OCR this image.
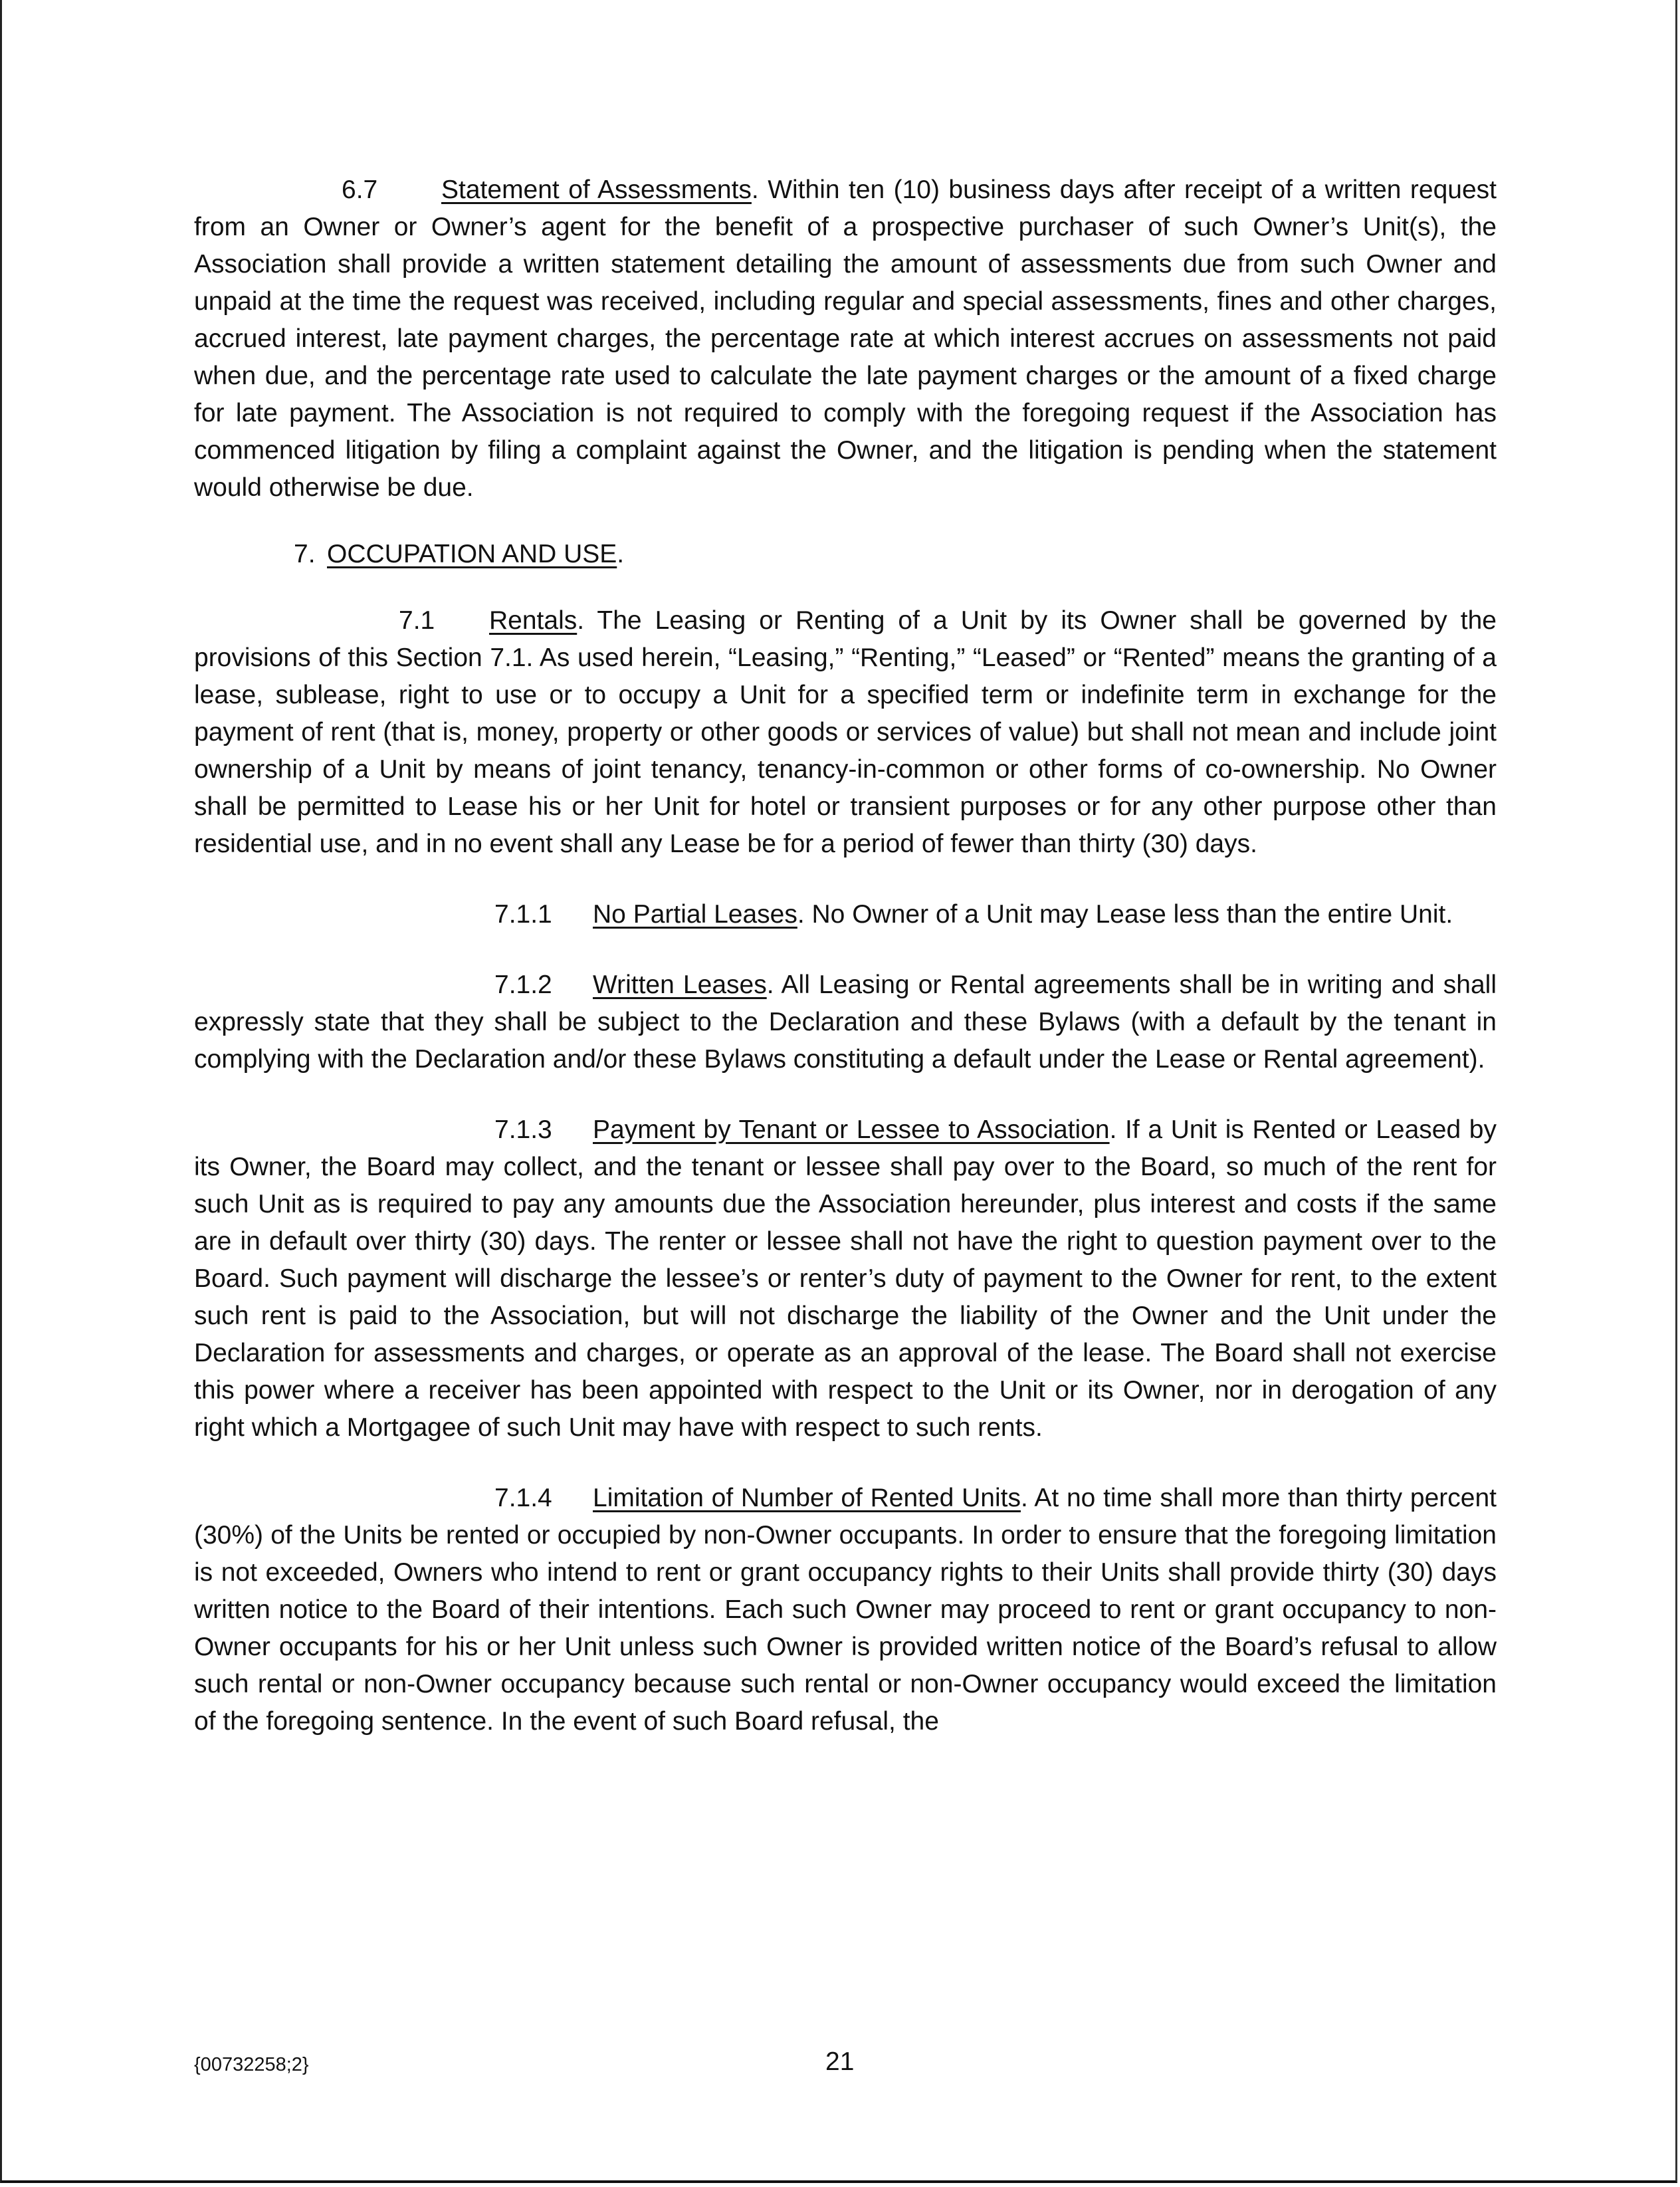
6.7 Statement of Assessments. Within ten (10) business days after receipt of a written request from an Owner or Owner’s agent for the benefit of a prospective purchaser of such Owner’s Unit(s), the Association shall provide a written statement detailing the amount of assessments due from such Owner and unpaid at the time the request was received, including regular and special assessments, fines and other charges, accrued interest, late payment charges, the percentage rate at which interest accrues on assessments not paid when due, and the percentage rate used to calculate the late payment charges or the amount of a fixed charge for late payment. The Association is not required to comply with the foregoing request if the Association has commenced litigation by filing a complaint against the Owner, and the litigation is pending when the statement would otherwise be due.

7. OCCUPATION AND USE.

7.1 Rentals. The Leasing or Renting of a Unit by its Owner shall be governed by the provisions of this Section 7.1. As used herein, “Leasing,” “Renting,” “Leased” or “Rented” means the granting of a lease, sublease, right to use or to occupy a Unit for a specified term or indefinite term in exchange for the payment of rent (that is, money, property or other goods or services of value) but shall not mean and include joint ownership of a Unit by means of joint tenancy, tenancy-in-common or other forms of co-ownership. No Owner shall be permitted to Lease his or her Unit for hotel or transient purposes or for any other purpose other than residential use, and in no event shall any Lease be for a period of fewer than thirty (30) days.

7.1.1 No Partial Leases. No Owner of a Unit may Lease less than the entire Unit.

7.1.2 Written Leases. All Leasing or Rental agreements shall be in writing and shall expressly state that they shall be subject to the Declaration and these Bylaws (with a default by the tenant in complying with the Declaration and/or these Bylaws constituting a default under the Lease or Rental agreement).

7.1.3 Payment by Tenant or Lessee to Association. If a Unit is Rented or Leased by its Owner, the Board may collect, and the tenant or lessee shall pay over to the Board, so much of the rent for such Unit as is required to pay any amounts due the Association hereunder, plus interest and costs if the same are in default over thirty (30) days. The renter or lessee shall not have the right to question payment over to the Board. Such payment will discharge the lessee’s or renter’s duty of payment to the Owner for rent, to the extent such rent is paid to the Association, but will not discharge the liability of the Owner and the Unit under the Declaration for assessments and charges, or operate as an approval of the lease. The Board shall not exercise this power where a receiver has been appointed with respect to the Unit or its Owner, nor in derogation of any right which a Mortgagee of such Unit may have with respect to such rents.

7.1.4 Limitation of Number of Rented Units. At no time shall more than thirty percent (30%) of the Units be rented or occupied by non-Owner occupants. In order to ensure that the foregoing limitation is not exceeded, Owners who intend to rent or grant occupancy rights to their Units shall provide thirty (30) days written notice to the Board of their intentions. Each such Owner may proceed to rent or grant occupancy to non-Owner occupants for his or her Unit unless such Owner is provided written notice of the Board’s refusal to allow such rental or non-Owner occupancy because such rental or non-Owner occupancy would exceed the limitation of the foregoing sentence. In the event of such Board refusal, the

{00732258;2}	21
